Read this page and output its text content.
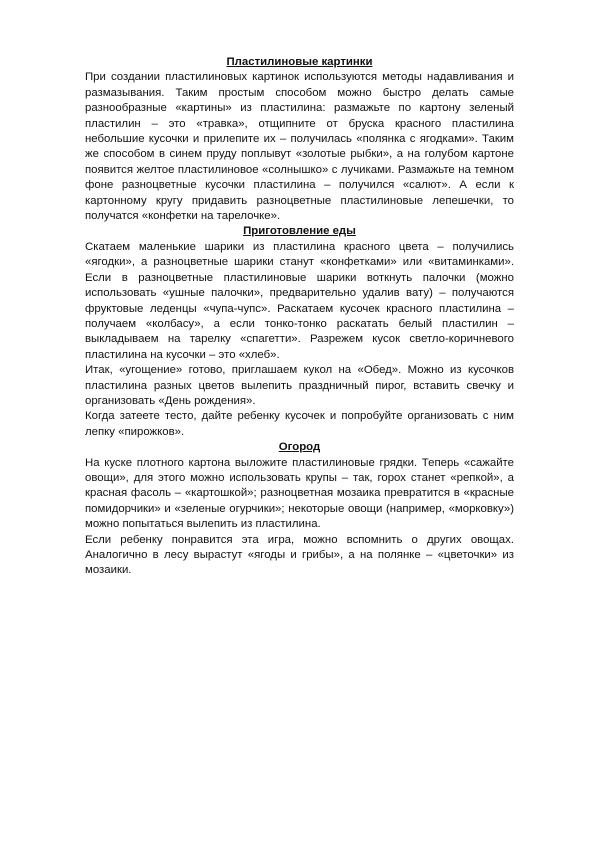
Пластилиновые картинки

При создании пластилиновых картинок используются методы надавливания и размазывания. Таким простым способом можно быстро делать самые разнообразные «картины» из пластилина: размажьте по картону зеленый пластилин – это «травка», отщипните от бруска красного пластилина небольшие кусочки и прилепите их – получилась «полянка с ягодками». Таким же способом в синем пруду поплывут «золотые рыбки», а на голубом картоне появится желтое пластилиновое «солнышко» с лучиками. Размажьте на темном фоне разноцветные кусочки пластилина – получился «салют». А если к картонному кругу придавить разноцветные пластилиновые лепешечки, то получатся «конфетки на тарелочке».

Приготовление еды

Скатаем маленькие шарики из пластилина красного цвета – получились «ягодки», а разноцветные шарики станут «конфетками» или «витаминками». Если в разноцветные пластилиновые шарики воткнуть палочки (можно использовать «ушные палочки», предварительно удалив вату) – получаются фруктовые леденцы «чупа-чупс». Раскатаем кусочек красного пластилина – получаем «колбасу», а если тонко-тонко раскатать белый пластилин – выкладываем на тарелку «спагетти». Разрежем кусок светло-коричневого пластилина на кусочки – это «хлеб».

Итак, «угощение» готово, приглашаем кукол на «Обед». Можно из кусочков пластилина разных цветов вылепить праздничный пирог, вставить свечку и организовать «День рождения».

Когда затеете тесто, дайте ребенку кусочек и попробуйте организовать с ним лепку «пирожков».

Огород

На куске плотного картона выложите пластилиновые грядки. Теперь «сажайте овощи», для этого можно использовать крупы – так, горох станет «репкой», а красная фасоль – «картошкой»; разноцветная мозаика превратится в «красные помидорчики» и «зеленые огурчики»; некоторые овощи (например, «морковку») можно попытаться вылепить из пластилина.

Если ребенку понравится эта игра, можно вспомнить о других овощах. Аналогично в лесу вырастут «ягоды и грибы», а на полянке – «цветочки» из мозаики.
